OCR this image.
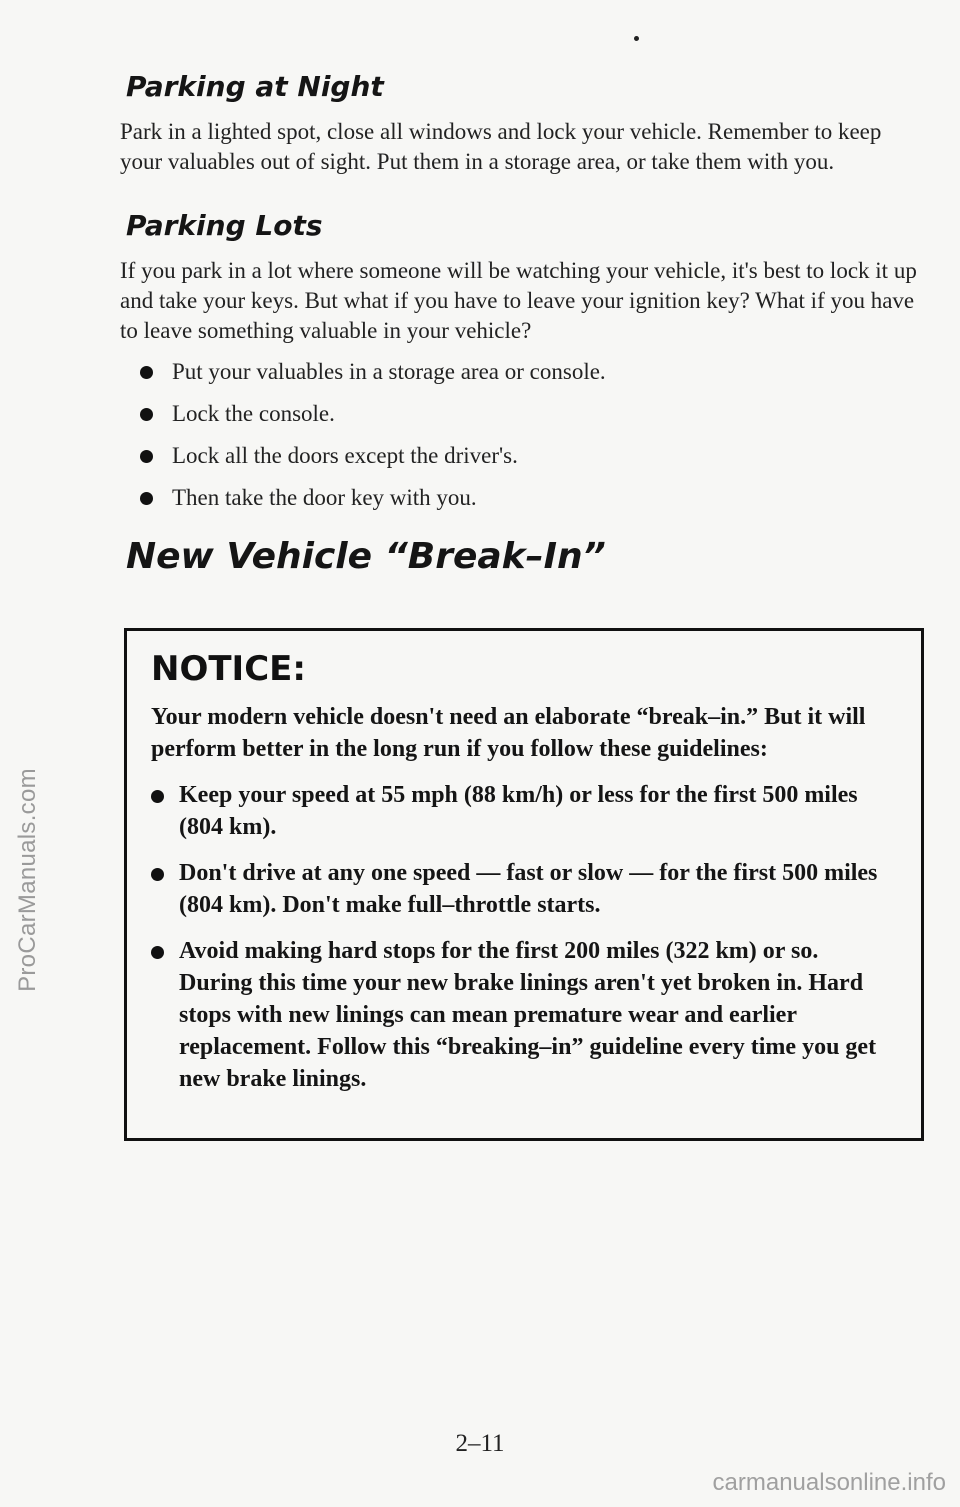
ProCarManuals.com
Parking at Night

Park in a lighted spot, close all windows and lock your vehicle. Remember to keep your valuables out of sight. Put them in a storage area, or take them with you.

Parking Lots

If you park in a lot where someone will be watching your vehicle, it's best to lock it up and take your keys. But what if you have to leave your ignition key? What if you have to leave something valuable in your vehicle?

Put your valuables in a storage area or console.
Lock the console.
Lock all the doors except the driver's.
Then take the door key with you.
New Vehicle “Break–In”
NOTICE:

Your modern vehicle doesn't need an elaborate “break–in.” But it will perform better in the long run if you follow these guidelines:

Keep your speed at 55 mph (88 km/h) or less for the first 500 miles (804 km).
Don't drive at any one speed — fast or slow — for the first 500 miles (804 km). Don't make full–throttle starts.
Avoid making hard stops for the first 200 miles (322 km) or so. During this time your new brake linings aren't yet broken in. Hard stops with new linings can mean premature wear and earlier replacement. Follow this “breaking–in” guideline every time you get new brake linings.
2–11
carmanualsonline.info
